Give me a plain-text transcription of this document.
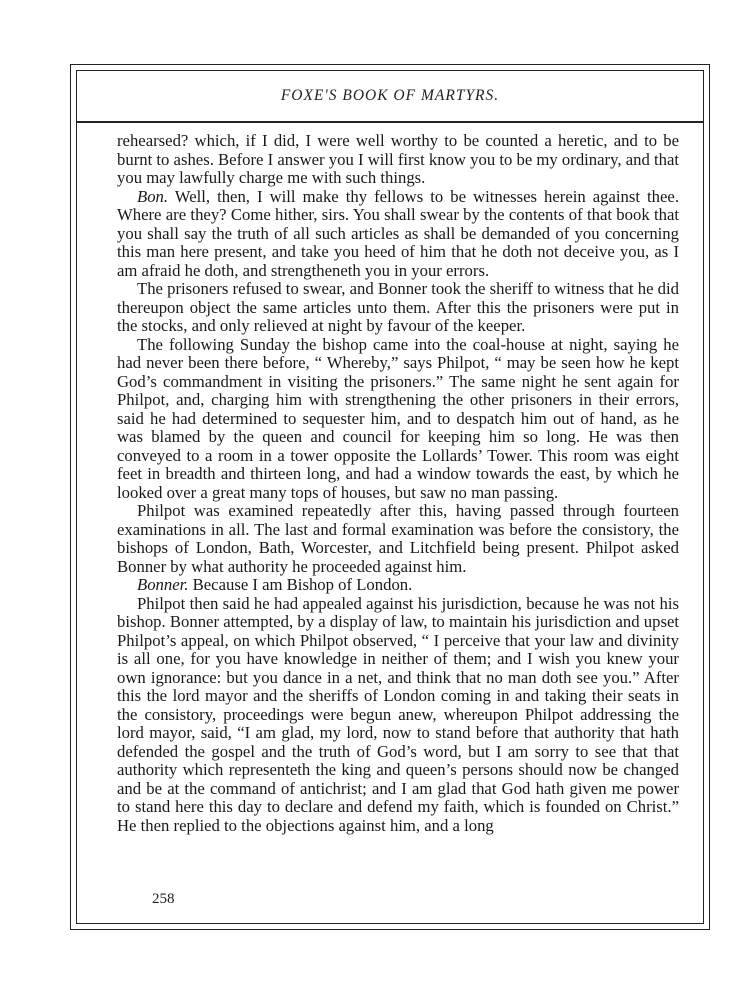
FOXE'S BOOK OF MARTYRS.

rehearsed? which, if I did, I were well worthy to be counted a heretic, and to be burnt to ashes. Before I answer you I will first know you to be my ordinary, and that you may lawfully charge me with such things.

Bon. Well, then, I will make thy fellows to be witnesses herein against thee. Where are they? Come hither, sirs. You shall swear by the contents of that book that you shall say the truth of all such articles as shall be demanded of you concerning this man here present, and take you heed of him that he doth not deceive you, as I am afraid he doth, and strengtheneth you in your errors.

The prisoners refused to swear, and Bonner took the sheriff to witness that he did thereupon object the same articles unto them. After this the prisoners were put in the stocks, and only relieved at night by favour of the keeper.

The following Sunday the bishop came into the coal-house at night, saying he had never been there before, “ Whereby,” says Philpot, “ may be seen how he kept God’s commandment in visiting the prisoners.” The same night he sent again for Philpot, and, charging him with strengthening the other prisoners in their errors, said he had determined to sequester him, and to despatch him out of hand, as he was blamed by the queen and council for keeping him so long. He was then conveyed to a room in a tower opposite the Lollards’ Tower. This room was eight feet in breadth and thirteen long, and had a window towards the east, by which he looked over a great many tops of houses, but saw no man passing.

Philpot was examined repeatedly after this, having passed through fourteen examinations in all. The last and formal examination was before the consistory, the bishops of London, Bath, Worcester, and Litchfield being present. Philpot asked Bonner by what authority he proceeded against him.

Bonner. Because I am Bishop of London.

Philpot then said he had appealed against his jurisdiction, because he was not his bishop. Bonner attempted, by a display of law, to maintain his jurisdiction and upset Philpot’s appeal, on which Philpot observed, “ I perceive that your law and divinity is all one, for you have knowledge in neither of them; and I wish you knew your own ignorance: but you dance in a net, and think that no man doth see you.” After this the lord mayor and the sheriffs of London coming in and taking their seats in the consistory, proceedings were begun anew, whereupon Philpot addressing the lord mayor, said, “I am glad, my lord, now to stand before that authority that hath defended the gospel and the truth of God’s word, but I am sorry to see that that authority which representeth the king and queen’s persons should now be changed and be at the command of antichrist; and I am glad that God hath given me power to stand here this day to declare and defend my faith, which is founded on Christ.” He then replied to the objections against him, and a long

258
